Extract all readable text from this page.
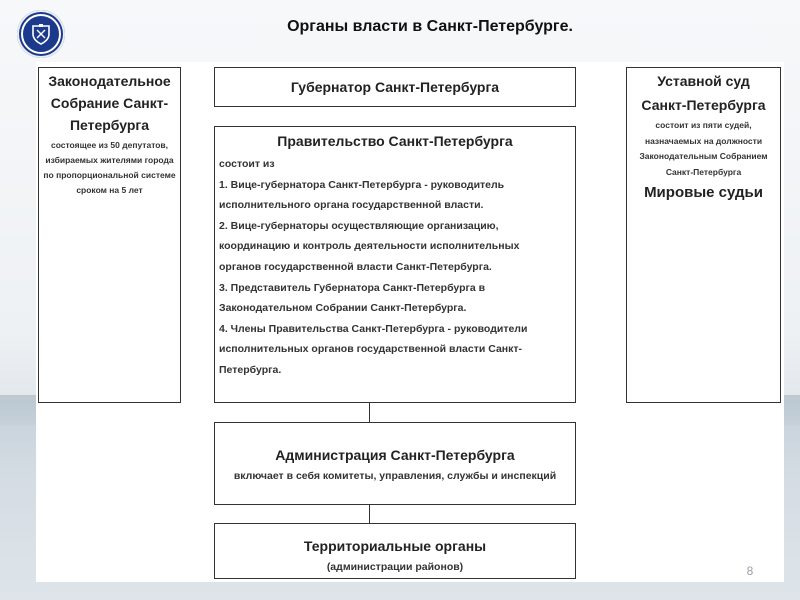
Органы власти в Санкт-Петербурге.
Законодательное
Собрание Санкт-
Петербурга
состоящее из 50 депутатов,
избираемых жителями города
по пропорциональной системе
сроком на 5 лет
Губернатор Санкт-Петербурга
Правительство Санкт-Петербурга
состоит из
1. Вице-губернатора Санкт-Петербурга - руководитель
исполнительного органа государственной власти.
2. Вице-губернаторы осуществляющие организацию,
координацию и контроль деятельности исполнительных
органов государственной власти Санкт-Петербурга.
3. Представитель Губернатора Санкт-Петербурга в
Законодательном Собрании Санкт-Петербурга.
4. Члены Правительства Санкт-Петербурга - руководители
исполнительных органов государственной власти Санкт-
Петербурга.
Уставной суд
Санкт-Петербурга
состоит из пяти судей,
назначаемых на должности
Законодательным Собранием
Санкт-Петербурга
Мировые судьи
Администрация Санкт-Петербурга
включает в себя комитеты, управления, службы и инспекций
Территориальные органы
(администрации районов)	8
